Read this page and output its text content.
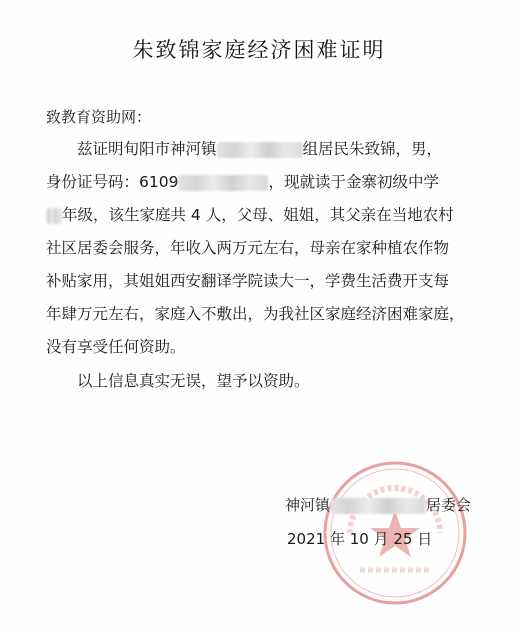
朱致锦家庭经济困难证明
致教育资助网：
兹证明旬阳市神河镇	组居民朱致锦，男，
身份证号码：6109	，现就读于金寨初级中学
年级，该生家庭共 4 人，父母、姐姐，其父亲在当地农村
社区居委会服务，年收入两万元左右，母亲在家种植农作物
补贴家用，其姐姐西安翻译学院读大一，学费生活费开支每
年肆万元左右，家庭入不敷出，为我社区家庭经济困难家庭，
没有享受任何资助。
以上信息真实无误，望予以资助。
神河镇	居委会
2021 年 10 月 25 日
